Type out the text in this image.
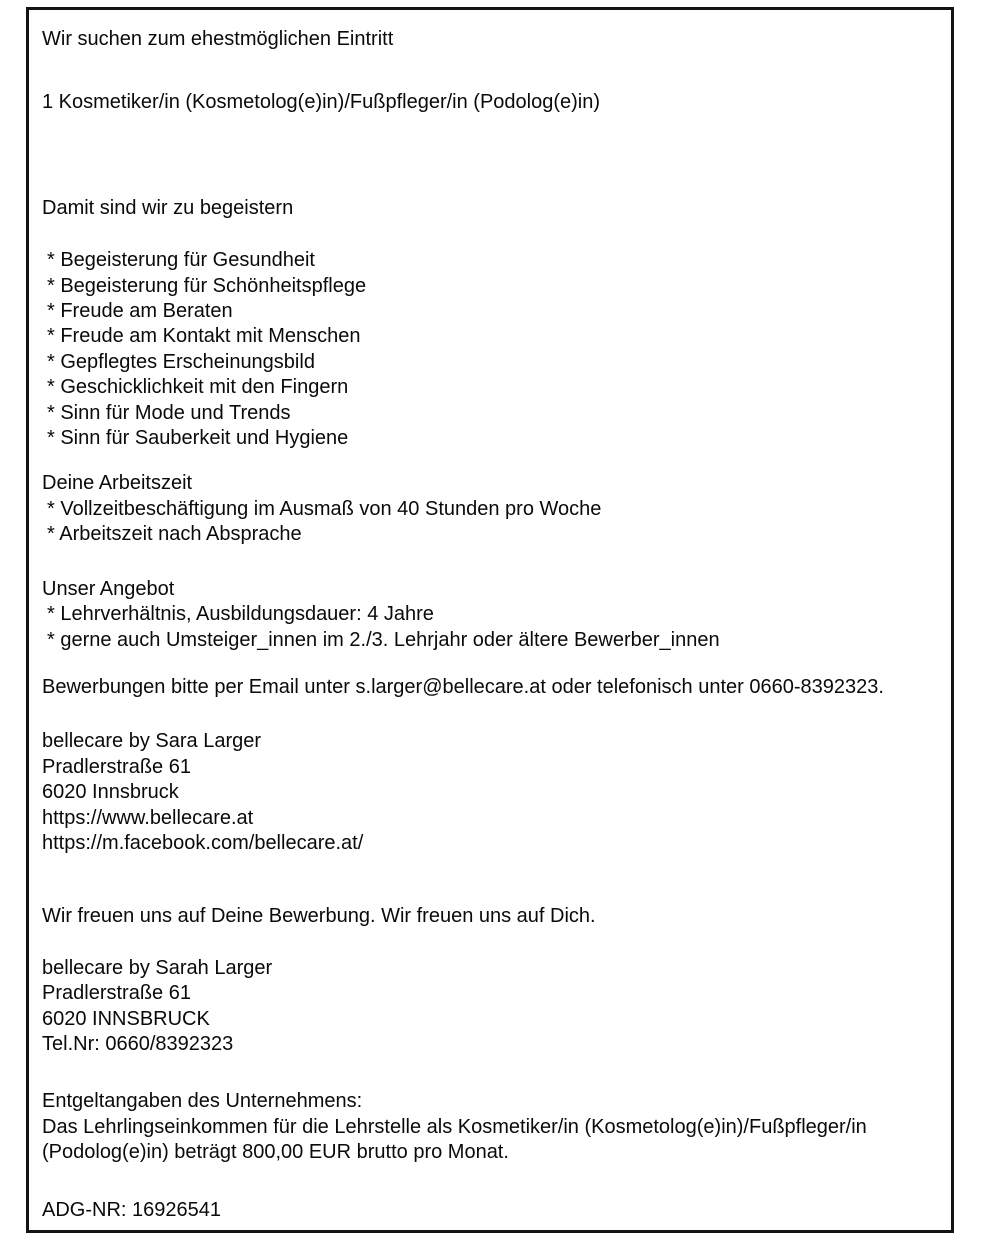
Wir suchen zum ehestmöglichen Eintritt

1 Kosmetiker/in (Kosmetolog(e)in)/Fußpfleger/in (Podolog(e)in)

Damit sind wir zu begeistern

* Begeisterung für Gesundheit

* Begeisterung für Schönheitspflege

* Freude am Beraten

* Freude am Kontakt mit Menschen

* Gepflegtes Erscheinungsbild

* Geschicklichkeit mit den Fingern

* Sinn für Mode und Trends

* Sinn für Sauberkeit und Hygiene

Deine Arbeitszeit

* Vollzeitbeschäftigung im Ausmaß von 40 Stunden pro Woche

* Arbeitszeit nach Absprache

Unser Angebot

* Lehrverhältnis, Ausbildungsdauer: 4 Jahre

* gerne auch Umsteiger_innen im 2./3. Lehrjahr oder ältere Bewerber_innen

Bewerbungen bitte per Email unter s.larger@bellecare.at oder telefonisch unter 0660-8392323.

bellecare by Sara Larger

Pradlerstraße 61

6020 Innsbruck

https://www.bellecare.at

https://m.facebook.com/bellecare.at/

Wir freuen uns auf Deine Bewerbung. Wir freuen uns auf Dich.

bellecare by Sarah Larger

Pradlerstraße 61

6020 INNSBRUCK

Tel.Nr: 0660/8392323

Entgeltangaben des Unternehmens:

Das Lehrlingseinkommen für die Lehrstelle als Kosmetiker/in (Kosmetolog(e)in)/Fußpfleger/in (Podolog(e)in) beträgt 800,00 EUR brutto pro Monat.

ADG-NR: 16926541
